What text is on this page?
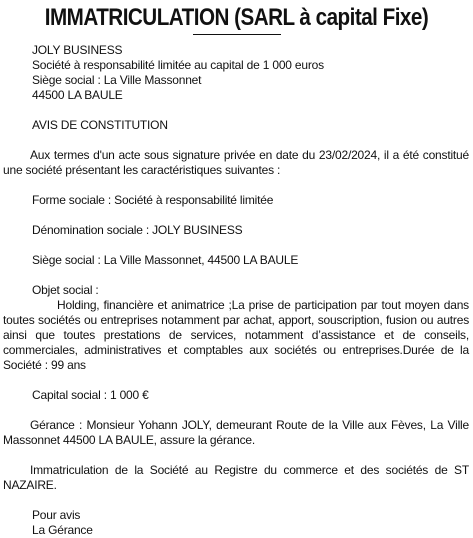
IMMATRICULATION (SARL à capital Fixe)
JOLY BUSINESS
Société à responsabilité limitée au capital de 1 000 euros
Siège social : La Ville Massonnet
44500 LA BAULE
AVIS DE CONSTITUTION
Aux termes d'un acte sous signature privée en date du 23/02/2024, il a été constitué une société présentant les caractéristiques suivantes :
Forme sociale : Société à responsabilité limitée
Dénomination sociale : JOLY BUSINESS
Siège social : La Ville Massonnet, 44500 LA BAULE
Objet social :
Holding, financière et animatrice ;La prise de participation par tout moyen dans toutes sociétés ou entreprises notamment par achat, apport, souscription, fusion ou autres ainsi que toutes prestations de services, notamment d’assistance et de conseils, commerciales, administratives et comptables aux sociétés ou entreprises.Durée de la Société : 99 ans
Capital social : 1 000 €
Gérance : Monsieur Yohann JOLY, demeurant Route de la Ville aux Fèves, La Ville Massonnet 44500 LA BAULE, assure la gérance.
Immatriculation de la Société au Registre du commerce et des sociétés de ST NAZAIRE.
Pour avis
La Gérance
